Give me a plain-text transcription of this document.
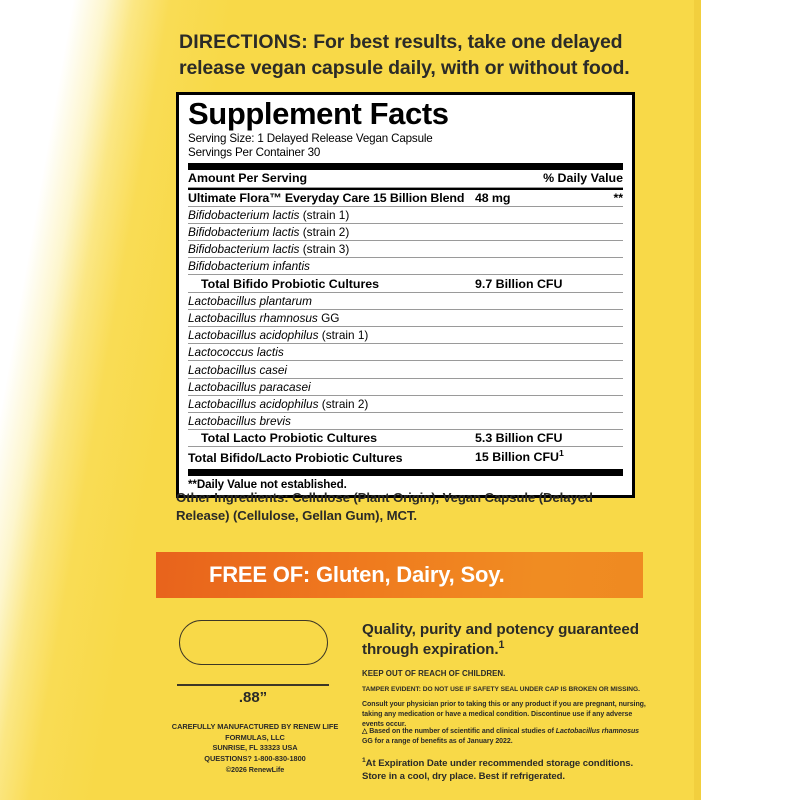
DIRECTIONS: For best results, take one delayed release vegan capsule daily, with or without food.
Supplement Facts
Serving Size: 1 Delayed Release Vegan Capsule
Servings Per Container 30
Amount Per Serving	% Daily Value
Ultimate Flora™ Everyday Care 15 Billion Blend	48 mg	**
Bifidobacterium lactis (strain 1)		
Bifidobacterium lactis (strain 2)		
Bifidobacterium lactis (strain 3)		
Bifidobacterium infantis		
Total Bifido Probiotic Cultures	9.7 Billion CFU	
Lactobacillus plantarum		
Lactobacillus rhamnosus GG		
Lactobacillus acidophilus (strain 1)		
Lactococcus lactis		
Lactobacillus casei		
Lactobacillus paracasei		
Lactobacillus acidophilus (strain 2)		
Lactobacillus brevis		
Total Lacto Probiotic Cultures	5.3 Billion CFU	
Total Bifido/Lacto Probiotic Cultures	15 Billion CFU$^1$	
**Daily Value not established.
Other Ingredients: Cellulose (Plant Origin), Vegan Capsule (Delayed Release) (Cellulose, Gellan Gum), MCT.
FREE OF: Gluten, Dairy, Soy.
.88”
CAREFULLY MANUFACTURED BY RENEW LIFE FORMULAS, LLC
SUNRISE, FL 33323 USA
QUESTIONS? 1-800-830-1800
©2026 RenewLife
Quality, purity and potency guaranteed through expiration.$^1$
KEEP OUT OF REACH OF CHILDREN.
TAMPER EVIDENT: DO NOT USE IF SAFETY SEAL UNDER CAP IS BROKEN OR MISSING.
Consult your physician prior to taking this or any product if you are pregnant, nursing, taking any medication or have a medical condition. Discontinue use if any adverse events occur.
△ Based on the number of scientific and clinical studies of Lactobacillus rhamnosus GG for a range of benefits as of January 2022.
$^1$At Expiration Date under recommended storage conditions. Store in a cool, dry place. Best if refrigerated.
